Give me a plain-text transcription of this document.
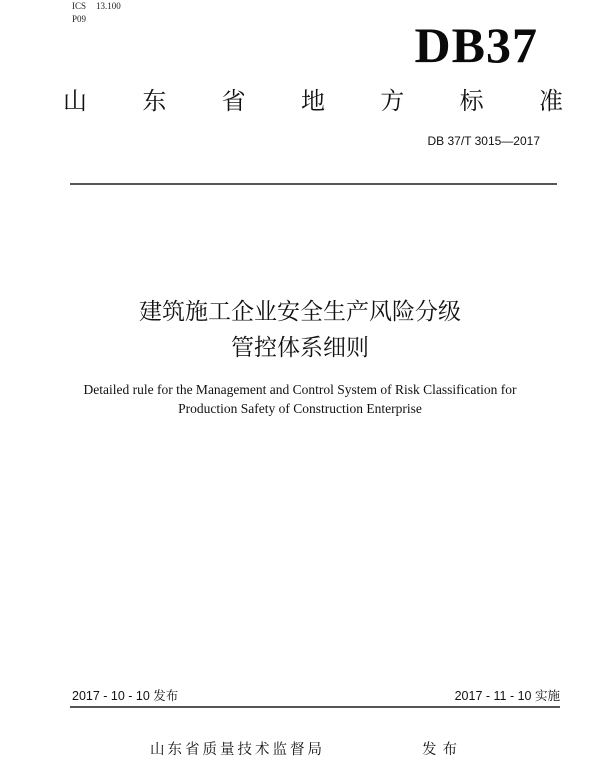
ICS 13.100
P09	DB37
山 东 省 地 方 标 准
DB 37/T 3015—2017
建筑施工企业安全生产风险分级
管控体系细则
Detailed rule for the Management and Control System of Risk Classification for
Production Safety of Construction Enterprise
2017 - 10 - 10 发布	2017 - 11 - 10 实施
山东省质量技术监督局	发布
